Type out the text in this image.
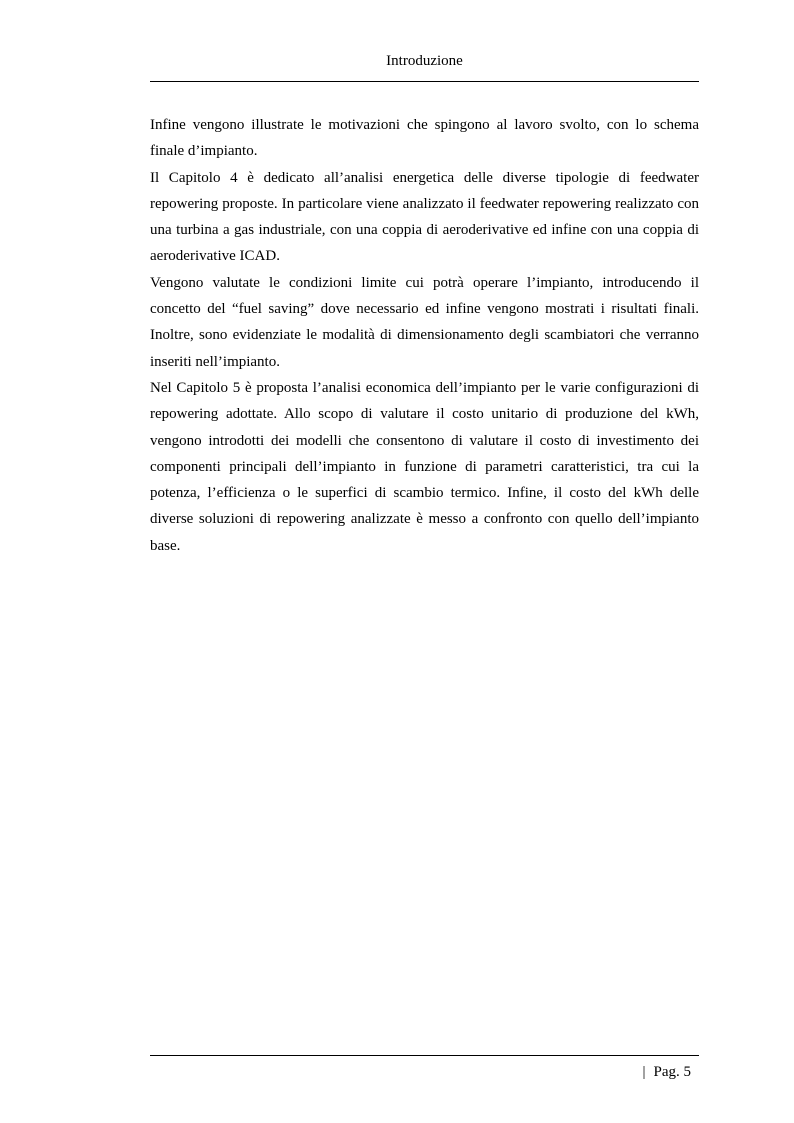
Introduzione

Infine vengono illustrate le motivazioni che spingono al lavoro svolto, con lo schema finale d’impianto.

Il Capitolo 4 è dedicato all’analisi energetica delle diverse tipologie di feedwater repowering proposte. In particolare viene analizzato il feedwater repowering realizzato con una turbina a gas industriale, con una coppia di aeroderivative ed infine con una coppia di aeroderivative ICAD.

Vengono valutate le condizioni limite cui potrà operare l’impianto, introducendo il concetto del “fuel saving” dove necessario ed infine vengono mostrati i risultati finali. Inoltre, sono evidenziate le modalità di dimensionamento degli scambiatori che verranno inseriti nell’impianto.

Nel Capitolo 5 è proposta l’analisi economica dell’impianto per le varie configurazioni di repowering adottate. Allo scopo di valutare il costo unitario di produzione del kWh, vengono introdotti dei modelli che consentono di valutare il costo di investimento dei componenti principali dell’impianto in funzione di parametri caratteristici, tra cui la potenza, l’efficienza o le superfici di scambio termico. Infine, il costo del kWh delle diverse soluzioni di repowering analizzate è messo a confronto con quello dell’impianto base.

| Pag. 5
